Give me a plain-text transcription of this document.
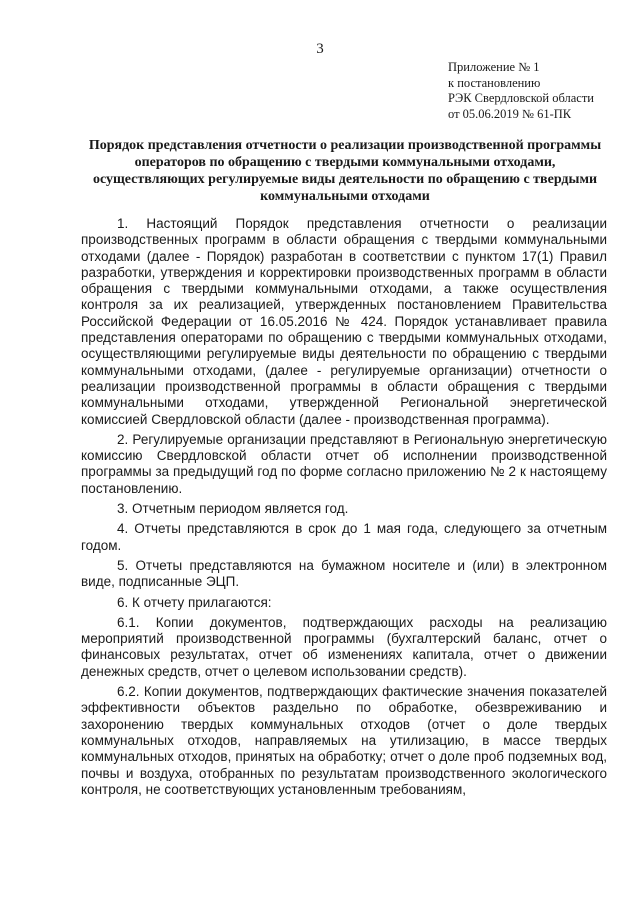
3
Приложение № 1
к постановлению
РЭК Свердловской области
от 05.06.2019 № 61-ПК
Порядок представления отчетности о реализации производственной программы операторов по обращению с твердыми коммунальными отходами, осуществляющих регулируемые виды деятельности по обращению с твердыми коммунальными отходами

1. Настоящий Порядок представления отчетности о реализации производственных программ в области обращения с твердыми коммунальными отходами (далее - Порядок) разработан в соответствии с пунктом 17(1) Правил разработки, утверждения и корректировки производственных программ в области обращения с твердыми коммунальными отходами, а также осуществления контроля за их реализацией, утвержденных постановлением Правительства Российской Федерации от 16.05.2016 № 424. Порядок устанавливает правила представления операторами по обращению с твердыми коммунальных отходами, осуществляющими регулируемые виды деятельности по обращению с твердыми коммунальными отходами, (далее - регулируемые организации) отчетности о реализации производственной программы в области обращения с твердыми коммунальными отходами, утвержденной Региональной энергетической комиссией Свердловской области (далее - производственная программа).

2. Регулируемые организации представляют в Региональную энергетическую комиссию Свердловской области отчет об исполнении производственной программы за предыдущий год по форме согласно приложению № 2 к настоящему постановлению.

3. Отчетным периодом является год.

4. Отчеты представляются в срок до 1 мая года, следующего за отчетным годом.

5. Отчеты представляются на бумажном носителе и (или) в электронном виде, подписанные ЭЦП.

6. К отчету прилагаются:

6.1. Копии документов, подтверждающих расходы на реализацию мероприятий производственной программы (бухгалтерский баланс, отчет о финансовых результатах, отчет об изменениях капитала, отчет о движении денежных средств, отчет о целевом использовании средств).

6.2. Копии документов, подтверждающих фактические значения показателей эффективности объектов раздельно по обработке, обезвреживанию и захоронению твердых коммунальных отходов (отчет о доле твердых коммунальных отходов, направляемых на утилизацию, в массе твердых коммунальных отходов, принятых на обработку; отчет о доле проб подземных вод, почвы и воздуха, отобранных по результатам производственного экологического контроля, не соответствующих установленным требованиям,
